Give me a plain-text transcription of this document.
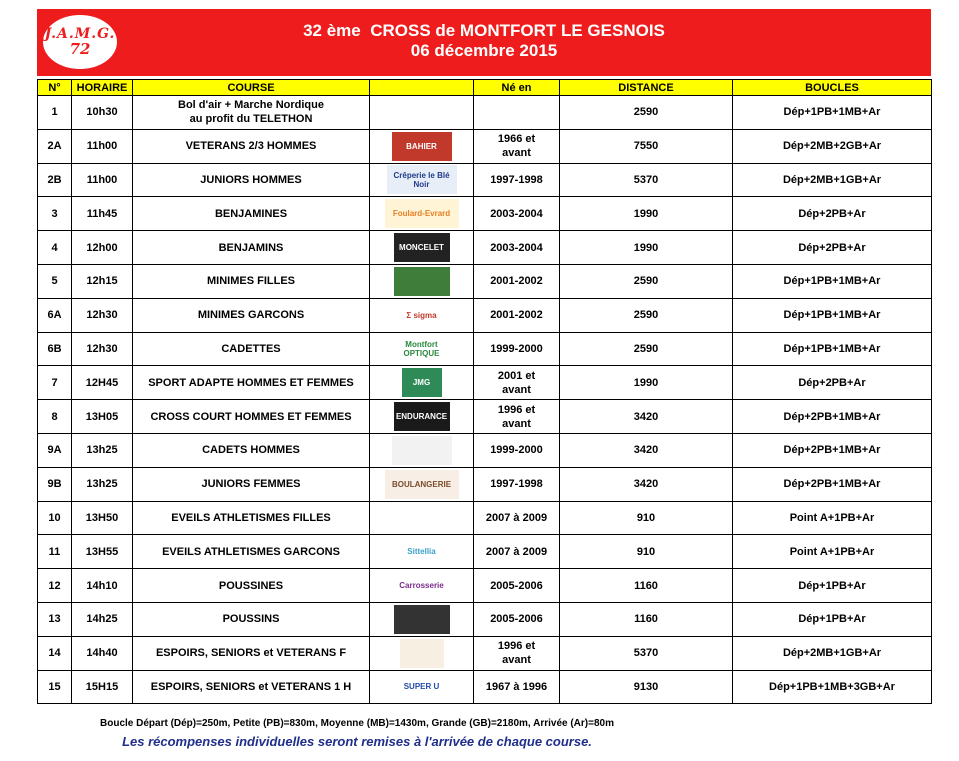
J.A.M.G.
72
32 ème  CROSS de MONTFORT LE GESNOIS
06 décembre 2015
N°	HORAIRE	COURSE		Né en	DISTANCE	BOUCLES
1	10h30	Bol d'air + Marche Nordique
au profit du TELETHON			2590	Dép+1PB+1MB+Ar
2A	11h00	VETERANS 2/3 HOMMES	BAHIER	1966 et
avant	7550	Dép+2MB+2GB+Ar
2B	11h00	JUNIORS HOMMES	Crêperie le Blé Noir	1997-1998	5370	Dép+2MB+1GB+Ar
3	11h45	BENJAMINES	Foulard-Evrard	2003-2004	1990	Dép+2PB+Ar
4	12h00	BENJAMINS	MONCELET	2003-2004	1990	Dép+2PB+Ar
5	12h15	MINIMES FILLES		2001-2002	2590	Dép+1PB+1MB+Ar
6A	12h30	MINIMES GARCONS	Σ sigma	2001-2002	2590	Dép+1PB+1MB+Ar
6B	12h30	CADETTES	Montfort OPTIQUE	1999-2000	2590	Dép+1PB+1MB+Ar
7	12H45	SPORT ADAPTE HOMMES ET FEMMES	JMG	2001 et
avant	1990	Dép+2PB+Ar
8	13H05	CROSS COURT HOMMES ET FEMMES	ENDURANCE	1996 et
avant	3420	Dép+2PB+1MB+Ar
9A	13h25	CADETS HOMMES		1999-2000	3420	Dép+2PB+1MB+Ar
9B	13h25	JUNIORS FEMMES	BOULANGERIE	1997-1998	3420	Dép+2PB+1MB+Ar
10	13H50	EVEILS ATHLETISMES FILLES		2007 à 2009	910	Point A+1PB+Ar
11	13H55	EVEILS ATHLETISMES GARCONS	Sittellia	2007 à 2009	910	Point A+1PB+Ar
12	14h10	POUSSINES	Carrosserie	2005-2006	1160	Dép+1PB+Ar
13	14h25	POUSSINS		2005-2006	1160	Dép+1PB+Ar
14	14h40	ESPOIRS, SENIORS et VETERANS F		1996 et
avant	5370	Dép+2MB+1GB+Ar
15	15H15	ESPOIRS, SENIORS et VETERANS 1 H	SUPER U	1967 à 1996	9130	Dép+1PB+1MB+3GB+Ar
Boucle Départ (Dép)=250m, Petite (PB)=830m, Moyenne (MB)=1430m, Grande (GB)=2180m, Arrivée (Ar)=80m
Les récompenses individuelles seront remises à l'arrivée de chaque course.
